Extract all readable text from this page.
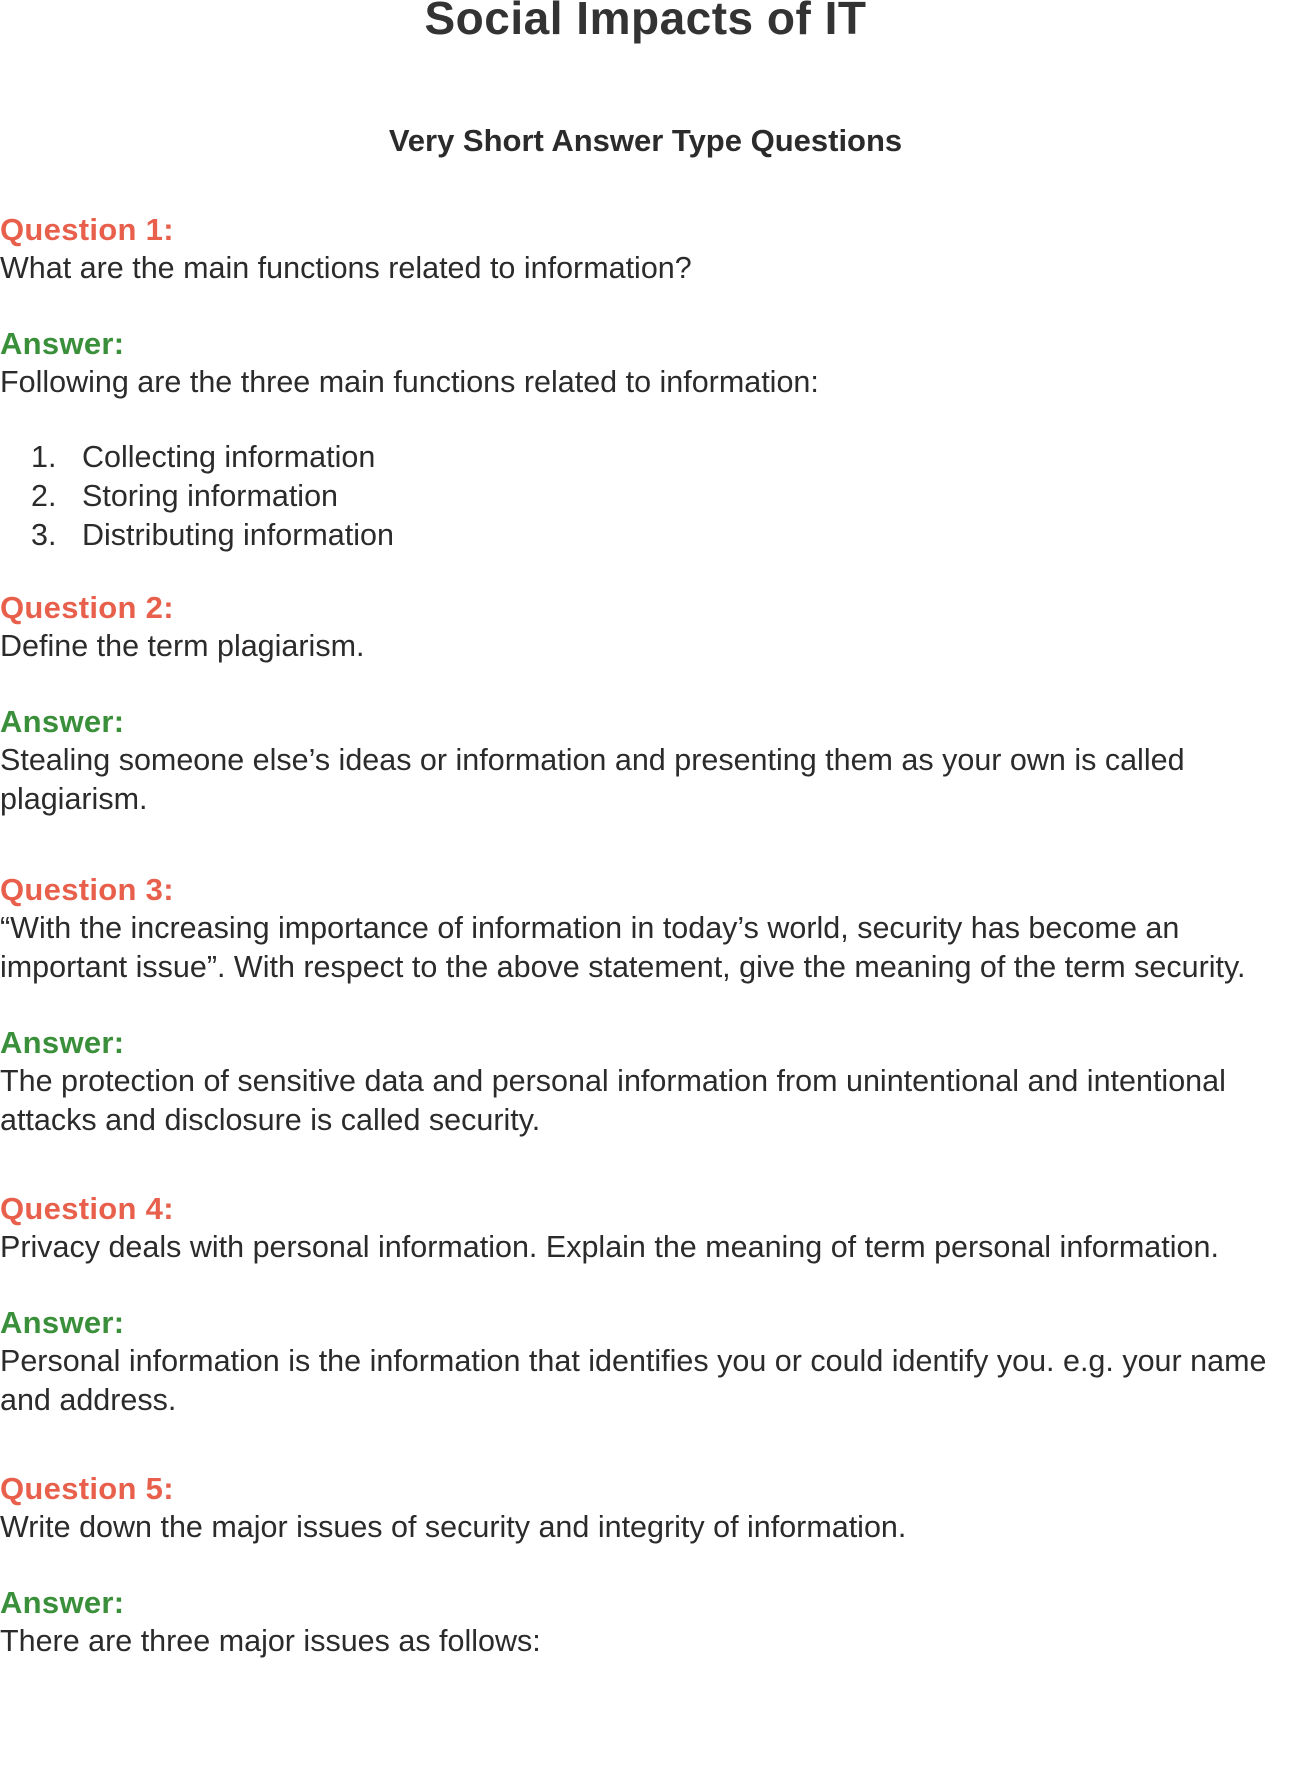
Social Impacts of IT
Very Short Answer Type Questions

Question 1:

What are the main functions related to information?

Answer:

Following are the three main functions related to information:

1. Collecting information
2. Storing information
3. Distributing information

Question 2:

Define the term plagiarism.

Answer:

Stealing someone else’s ideas or information and presenting them as your own is called plagiarism.

Question 3:

“With the increasing importance of information in today’s world, security has become an important issue”. With respect to the above statement, give the meaning of the term security.

Answer:

The protection of sensitive data and personal information from unintentional and intentional attacks and disclosure is called security.

Question 4:

Privacy deals with personal information. Explain the meaning of term personal information.

Answer:

Personal information is the information that identifies you or could identify you. e.g. your name and address.

Question 5:

Write down the major issues of security and integrity of information.

Answer:

There are three major issues as follows:
